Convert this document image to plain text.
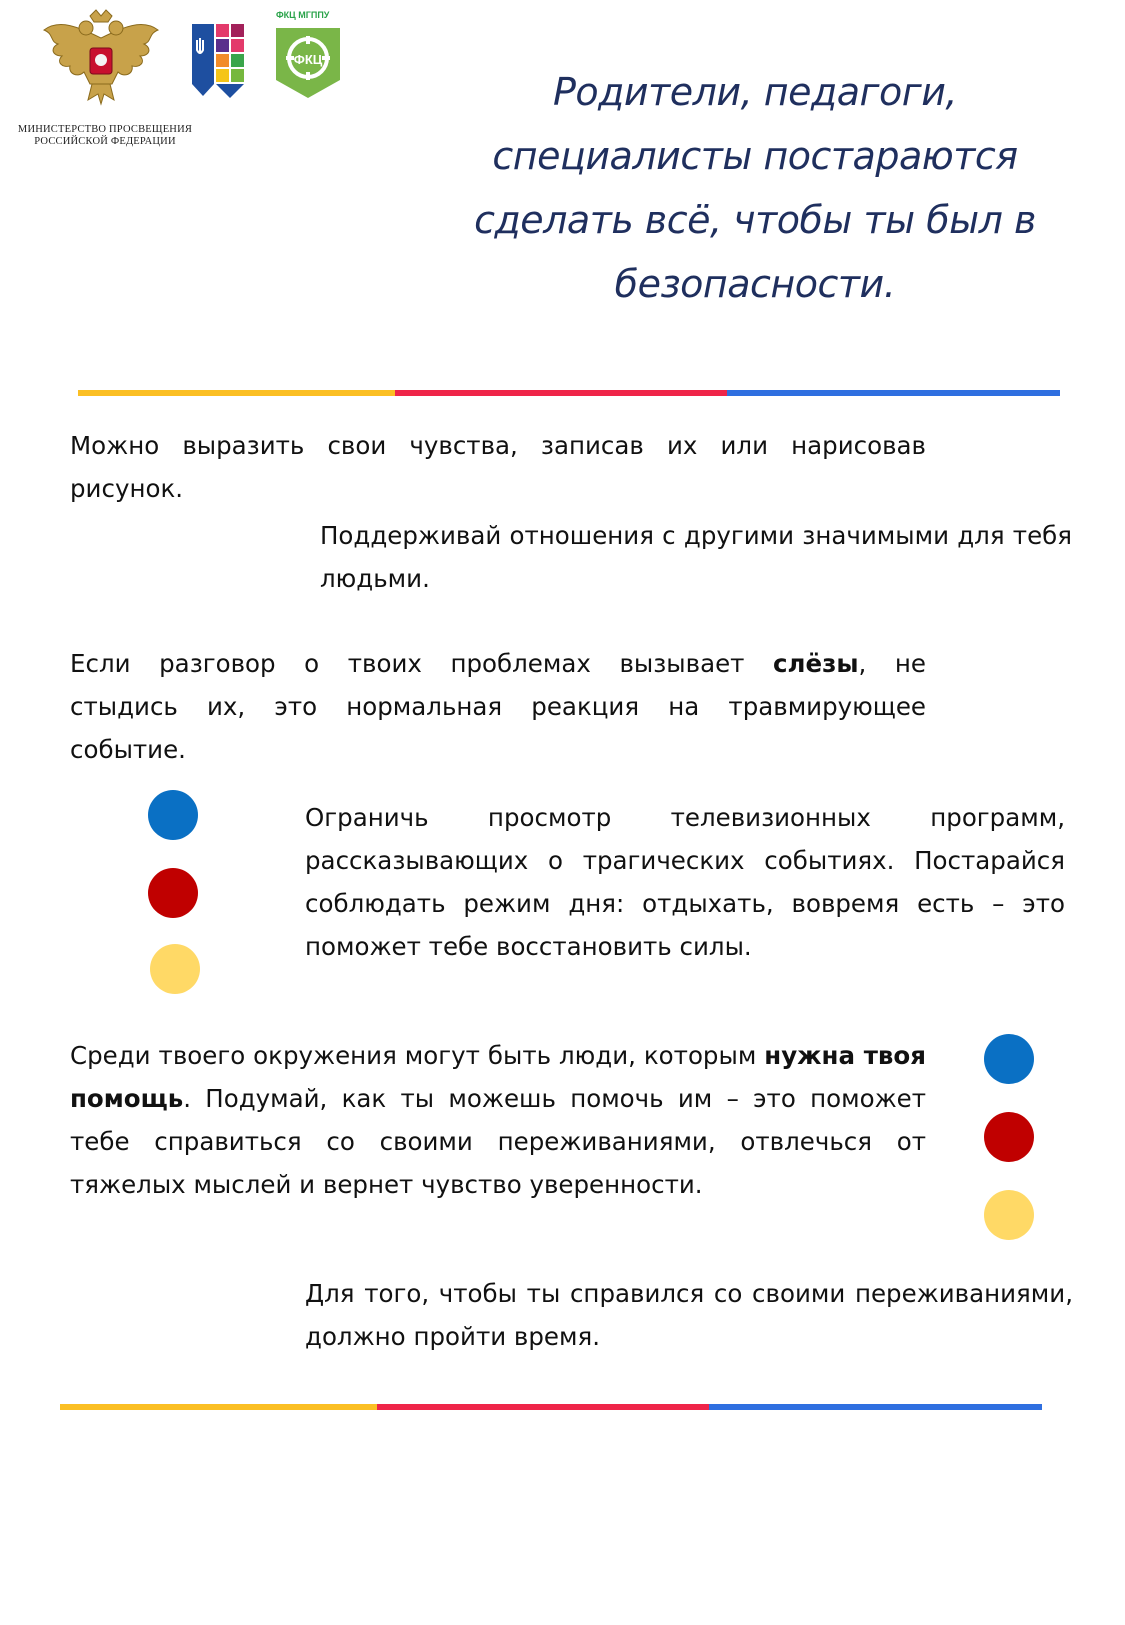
МИНИСТЕРСТВО ПРОСВЕЩЕНИЯ
РОССИЙСКОЙ ФЕДЕРАЦИИ
ФКЦ МГППУ
ФКЦ
Родители, педагоги, специалисты постараются сделать всё, чтобы ты был в безопасности.
Можно выразить свои чувства, записав их или нарисовав рисунок.
Поддерживай отношения с другими значимыми для тебя людьми.
Если разговор о твоих проблемах вызывает слёзы, не стыдись их, это нормальная реакция на травмирующее событие.
Ограничь просмотр телевизионных программ, рассказывающих о трагических событиях. Постарайся соблюдать режим дня: отдыхать, вовремя есть – это поможет тебе восстановить силы.
Среди твоего окружения могут быть люди, которым нужна твоя помощь. Подумай, как ты можешь помочь им – это поможет тебе справиться со своими переживаниями, отвлечься от тяжелых мыслей и вернет чувство уверенности.
Для того, чтобы ты справился со своими переживаниями, должно пройти время.
